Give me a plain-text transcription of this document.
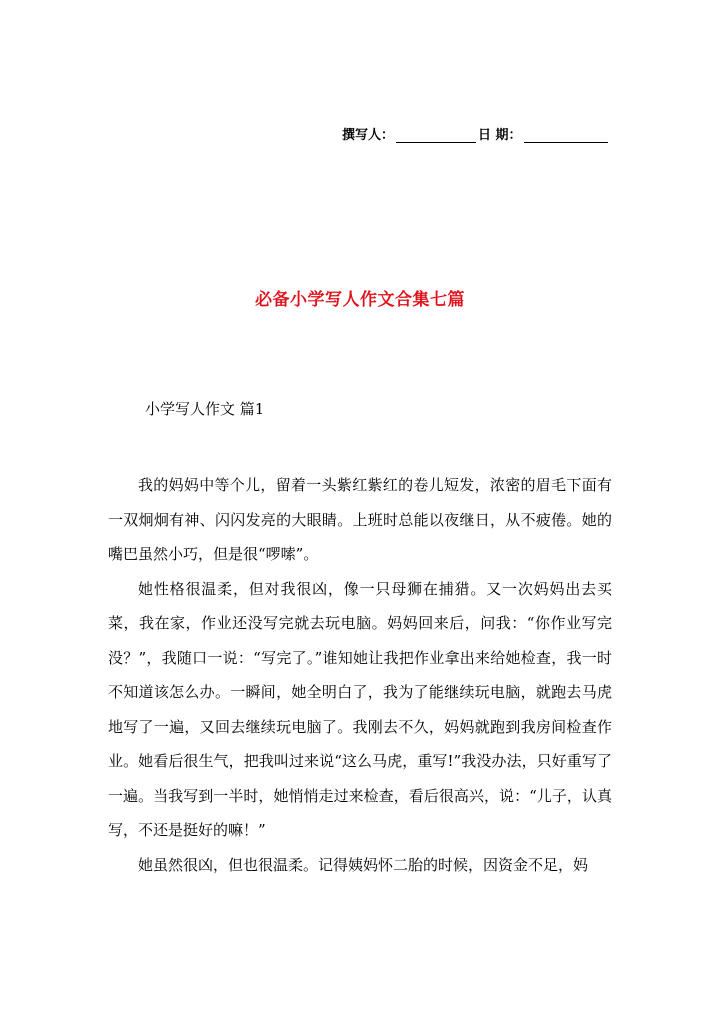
撰写人：	日 期：
必备小学写人作文合集七篇
小学写人作文 篇1

我的妈妈中等个儿，留着一头紫红紫红的卷儿短发，浓密的眉毛下面有一双炯炯有神、闪闪发亮的大眼睛。上班时总能以夜继日，从不疲倦。她的嘴巴虽然小巧，但是很“啰嗦”。

她性格很温柔，但对我很凶，像一只母狮在捕猎。又一次妈妈出去买菜，我在家，作业还没写完就去玩电脑。妈妈回来后，问我：“你作业写完没？”，我随口一说：“写完了。”谁知她让我把作业拿出来给她检查，我一时不知道该怎么办。一瞬间，她全明白了，我为了能继续玩电脑，就跑去马虎地写了一遍，又回去继续玩电脑了。我刚去不久，妈妈就跑到我房间检查作业。她看后很生气，把我叫过来说“这么马虎，重写!”我没办法，只好重写了一遍。当我写到一半时，她悄悄走过来检查，看后很高兴，说：“儿子，认真写，不还是挺好的嘛！”

她虽然很凶，但也很温柔。记得姨妈怀二胎的时候，因资金不足，妈
